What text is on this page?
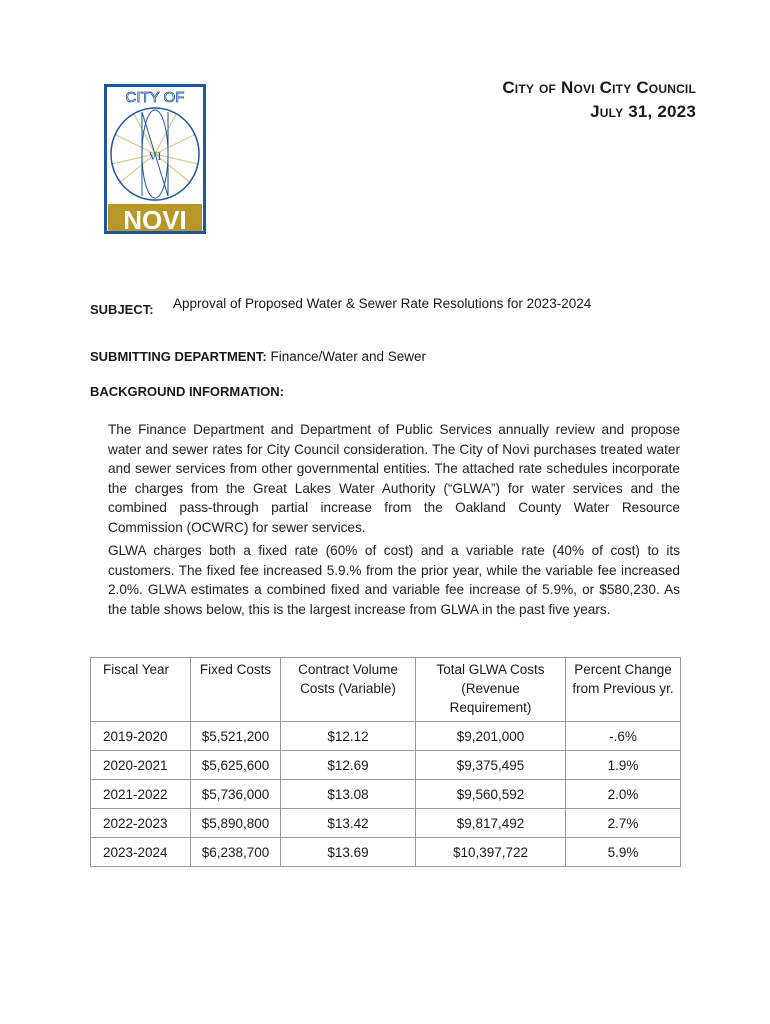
CITY OF
VI
NOVI
City of Novi City Council
July 31, 2023
SUBJECT: Approval of Proposed Water & Sewer Rate Resolutions for 2023-2024
SUBMITTING DEPARTMENT: Finance/Water and Sewer
BACKGROUND INFORMATION:
The Finance Department and Department of Public Services annually review and propose water and sewer rates for City Council consideration. The City of Novi purchases treated water and sewer services from other governmental entities. The attached rate schedules incorporate the charges from the Great Lakes Water Authority (“GLWA”) for water services and the combined pass-through partial increase from the Oakland County Water Resource Commission (OCWRC) for sewer services.
GLWA charges both a fixed rate (60% of cost) and a variable rate (40% of cost) to its customers. The fixed fee increased 5.9.% from the prior year, while the variable fee increased 2.0%. GLWA estimates a combined fixed and variable fee increase of 5.9%, or $580,230. As the table shows below, this is the largest increase from GLWA in the past five years.
Fiscal Year	Fixed Costs	Contract Volume Costs (Variable)	Total GLWA Costs (Revenue Requirement)	Percent Change from Previous yr.
2019-2020	$5,521,200	$12.12	$9,201,000	-.6%
2020-2021	$5,625,600	$12.69	$9,375,495	1.9%
2021-2022	$5,736,000	$13.08	$9,560,592	2.0%
2022-2023	$5,890,800	$13.42	$9,817,492	2.7%
2023-2024	$6,238,700	$13.69	$10,397,722	5.9%
